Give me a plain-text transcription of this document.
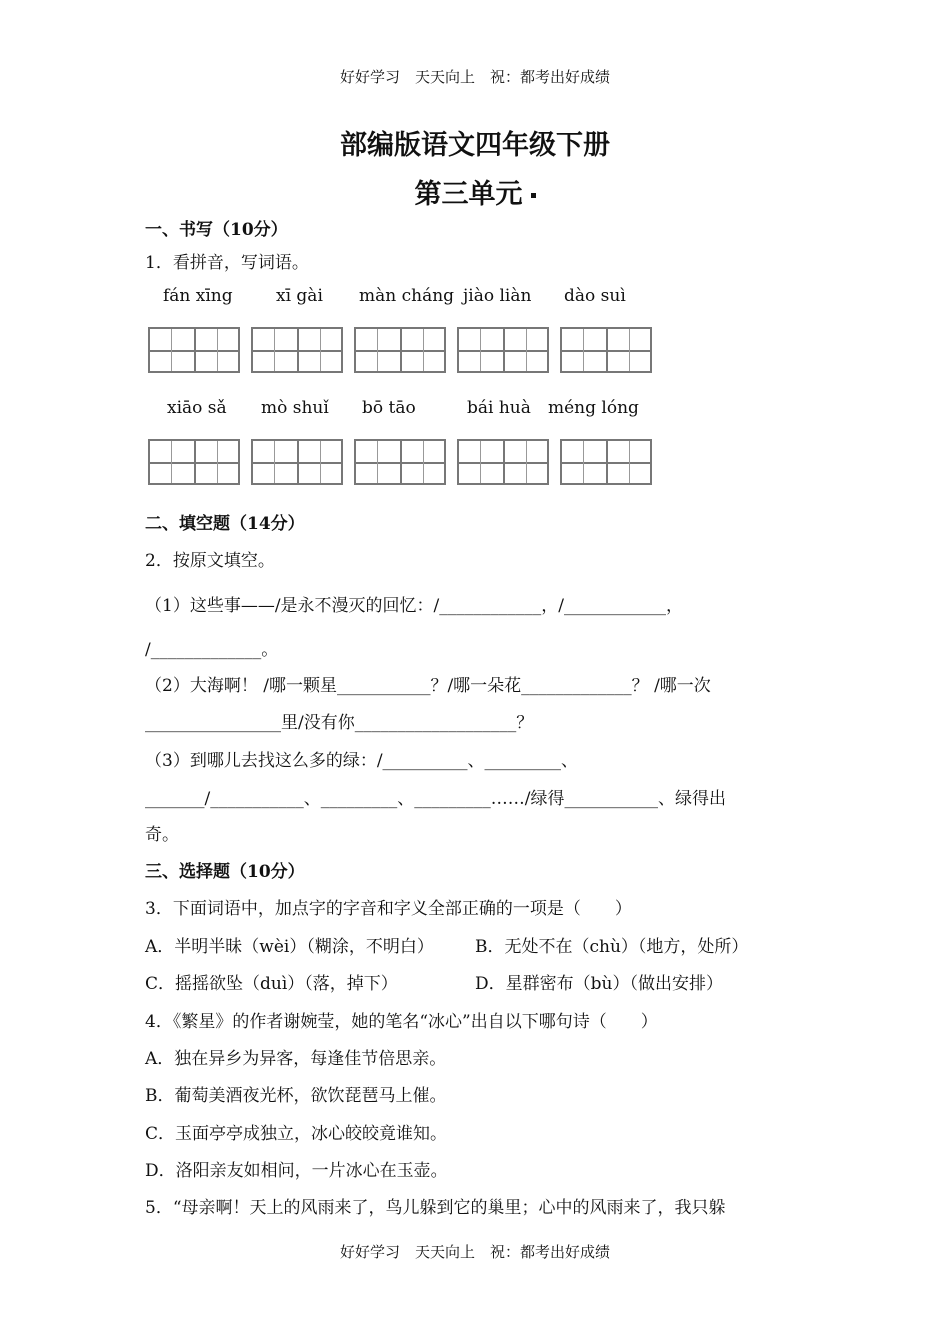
好好学习　天天向上　祝：都考出好成绩
部编版语文四年级下册
第三单元
一、书写（10分）
1．看拼音，写词语。
fán xīng	xī gài màn cháng jiào liàn dào suì
xiāo sǎ mò shuǐ bō tāo	bái huà méng lóng
二、填空题（14分）
2．按原文填空。
（1）这些事——/是永不漫灭的回忆：/____________，/____________，
/_____________。
（2）大海啊！ /哪一颗星___________？/哪一朵花_____________？ /哪一次
________________里/没有你___________________？
（3）到哪儿去找这么多的绿：/__________、_________、
_______/___________、_________、_________……/绿得___________、绿得出
奇。
三、选择题（10分）
3．下面词语中，加点字的字音和字义全部正确的一项是（　　）
A．半明半昧（wèi）（糊涂，不明白） B．无处不在（chù）（地方，处所）
C．摇摇欲坠（duì）（落，掉下）	D．星群密布（bù）（做出安排）
4．《繁星》的作者谢婉莹，她的笔名“冰心”出自以下哪句诗（　　）
A．独在异乡为异客，每逢佳节倍思亲。
B．葡萄美酒夜光杯，欲饮琵琶马上催。
C．玉面亭亭成独立，冰心皎皎竟谁知。
D．洛阳亲友如相问，一片冰心在玉壶。
5．“母亲啊！天上的风雨来了，鸟儿躲到它的巢里；心中的风雨来了，我只躲
好好学习　天天向上　祝：都考出好成绩
